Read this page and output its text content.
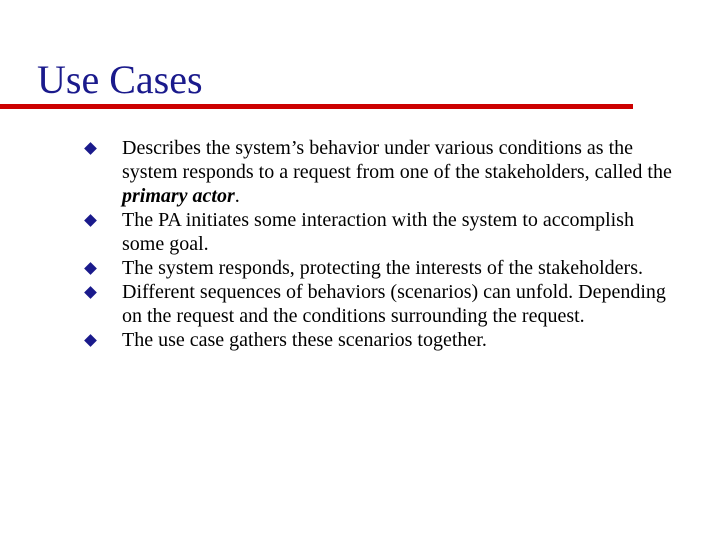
Use Cases
Describes the system’s behavior under various conditions as the system responds to a request from one of the stakeholders, called the primary actor.
The PA initiates some interaction with the system to accomplish some goal.
The system responds, protecting the interests of the stakeholders.
Different sequences of behaviors (scenarios) can unfold. Depending on the request and the conditions surrounding the request.
The use case gathers these scenarios together.
